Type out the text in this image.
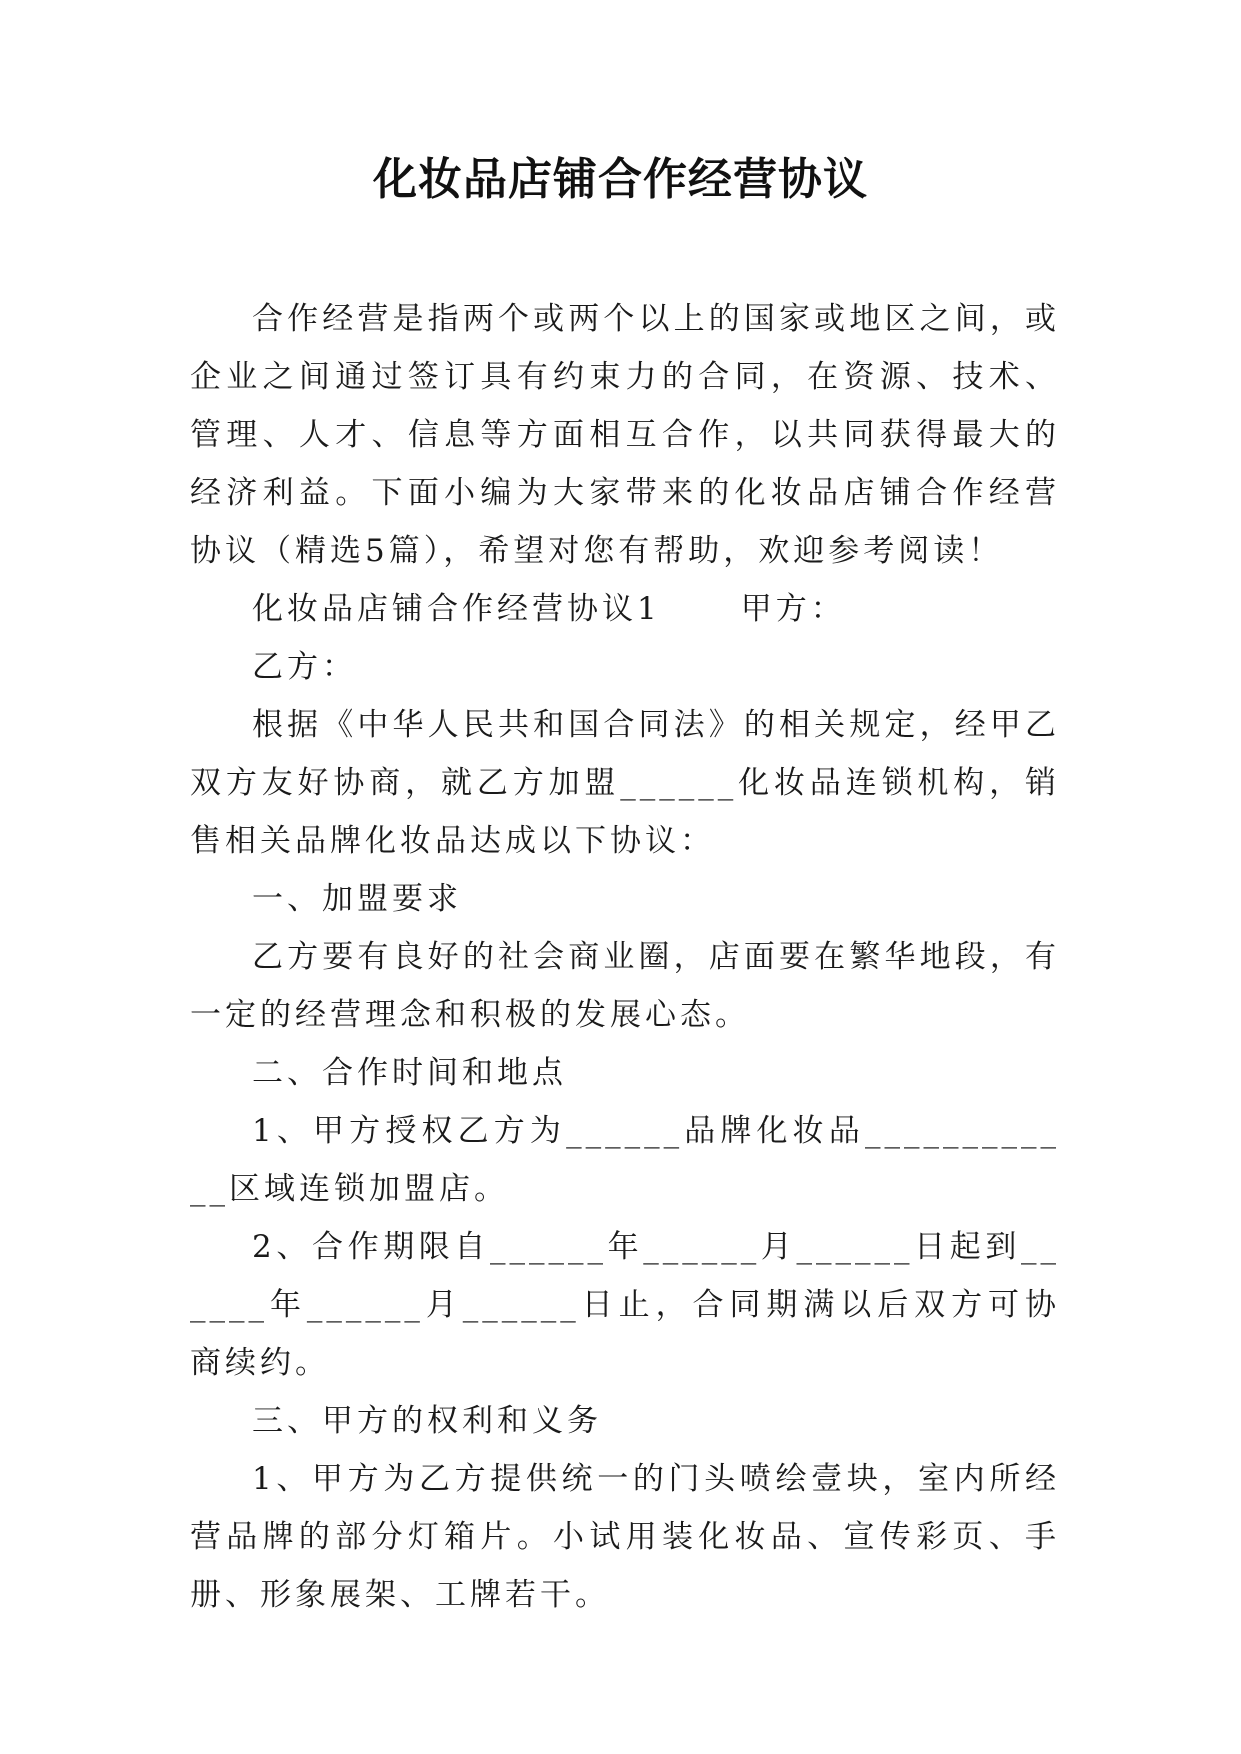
化妆品店铺合作经营协议

合作经营是指两个或两个以上的国家或地区之间，或企业之间通过签订具有约束力的合同，在资源、技术、管理、人才、信息等方面相互合作，以共同获得最大的经济利益。下面小编为大家带来的化妆品店铺合作经营协议（精选5篇），希望对您有帮助，欢迎参考阅读！

化妆品店铺合作经营协议1	甲方：

乙方：

根据《中华人民共和国合同法》的相关规定，经甲乙双方友好协商，就乙方加盟______化妆品连锁机构，销售相关品牌化妆品达成以下协议：

一、加盟要求

乙方要有良好的社会商业圈，店面要在繁华地段，有一定的经营理念和积极的发展心态。

二、合作时间和地点

1、甲方授权乙方为______品牌化妆品____________区域连锁加盟店。

2、合作期限自______年______月______日起到______年______月______日止，合同期满以后双方可协商续约。

三、甲方的权利和义务

1、甲方为乙方提供统一的门头喷绘壹块，室内所经营品牌的部分灯箱片。小试用装化妆品、宣传彩页、手册、形象展架、工牌若干。
